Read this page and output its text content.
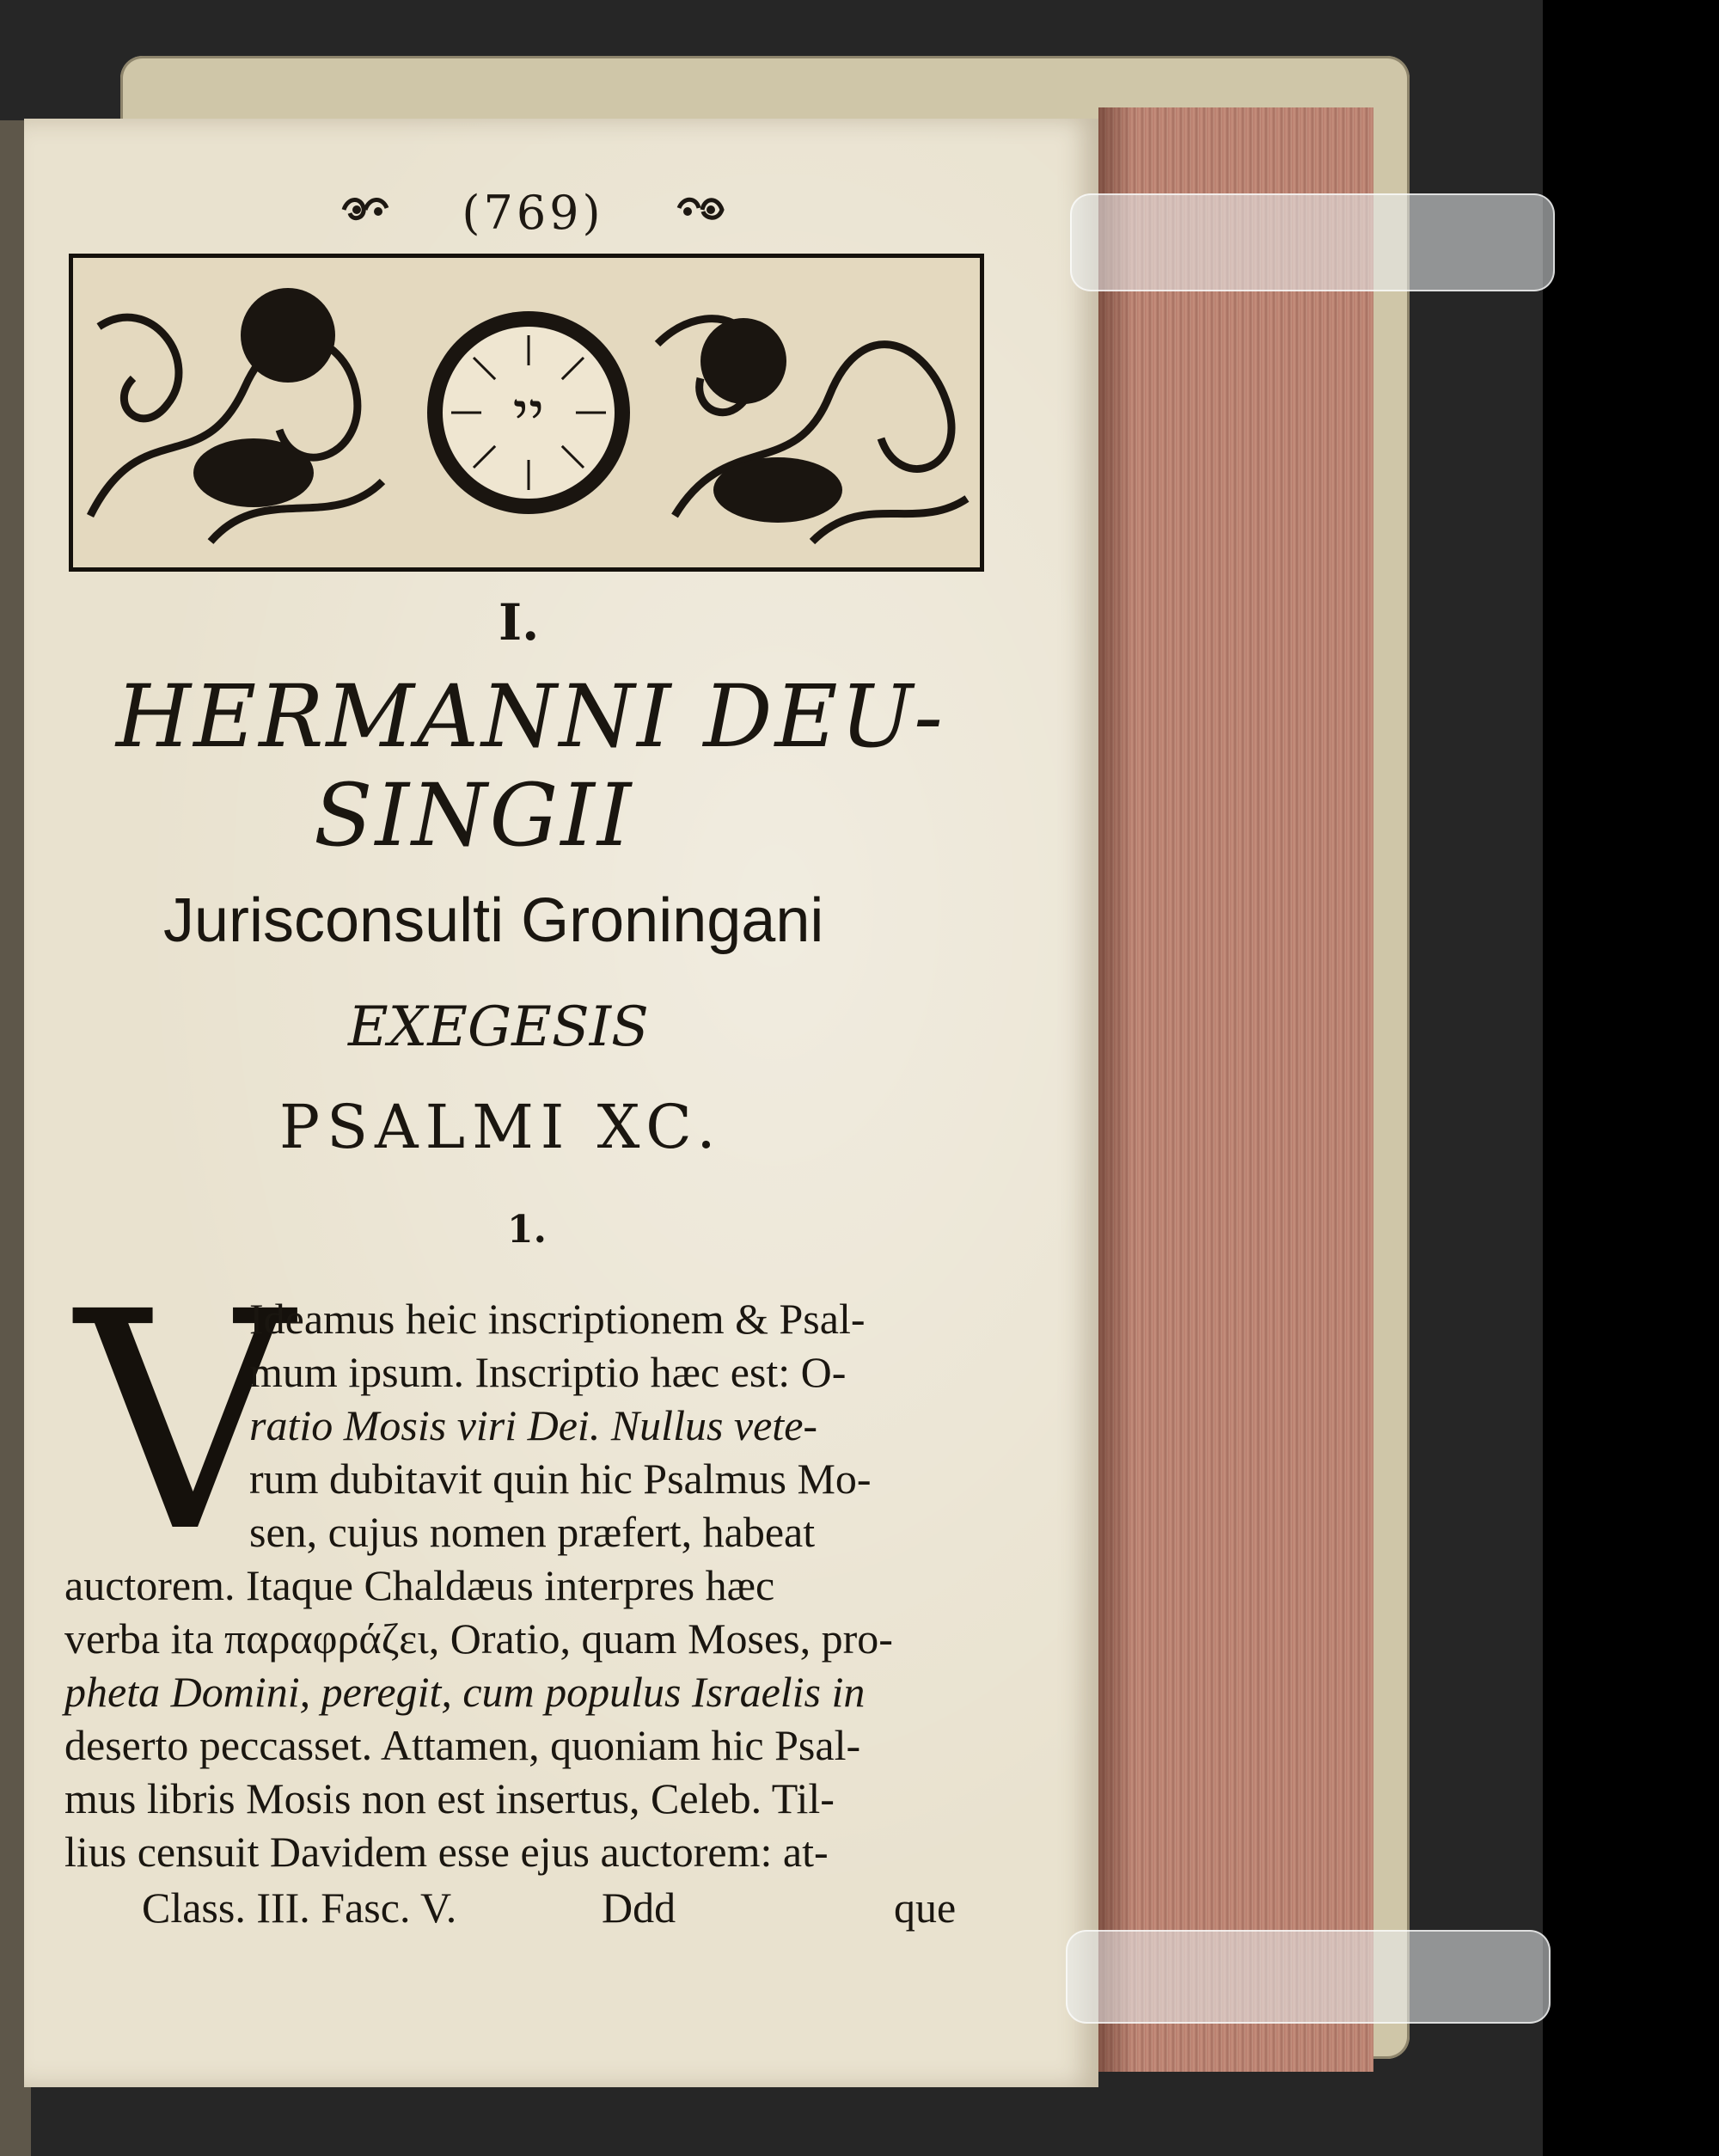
(769)
יי
I.
HERMANNI DEU-
SINGII
Jurisconsulti Groningani
EXEGESIS
PSALMI XC.
1.
V
Ideamus heic inscriptionem & Psal-
mum ipsum. Inscriptio hæc est: O-
ratio Mosis viri Dei. Nullus vete-
rum dubitavit quin hic Psalmus Mo-
sen, cujus nomen præfert, habeat
auctorem. Itaque Chaldæus interpres hæc
verba ita παραφράζει, Oratio, quam Moses, pro-
pheta Domini, peregit, cum populus Israelis in
deserto peccasset. Attamen, quoniam hic Psal-
mus libris Mosis non est insertus, Celeb. Til-
lius censuit Davidem esse ejus auctorem: at-
Class. III. Fasc. V.	Ddd	que
